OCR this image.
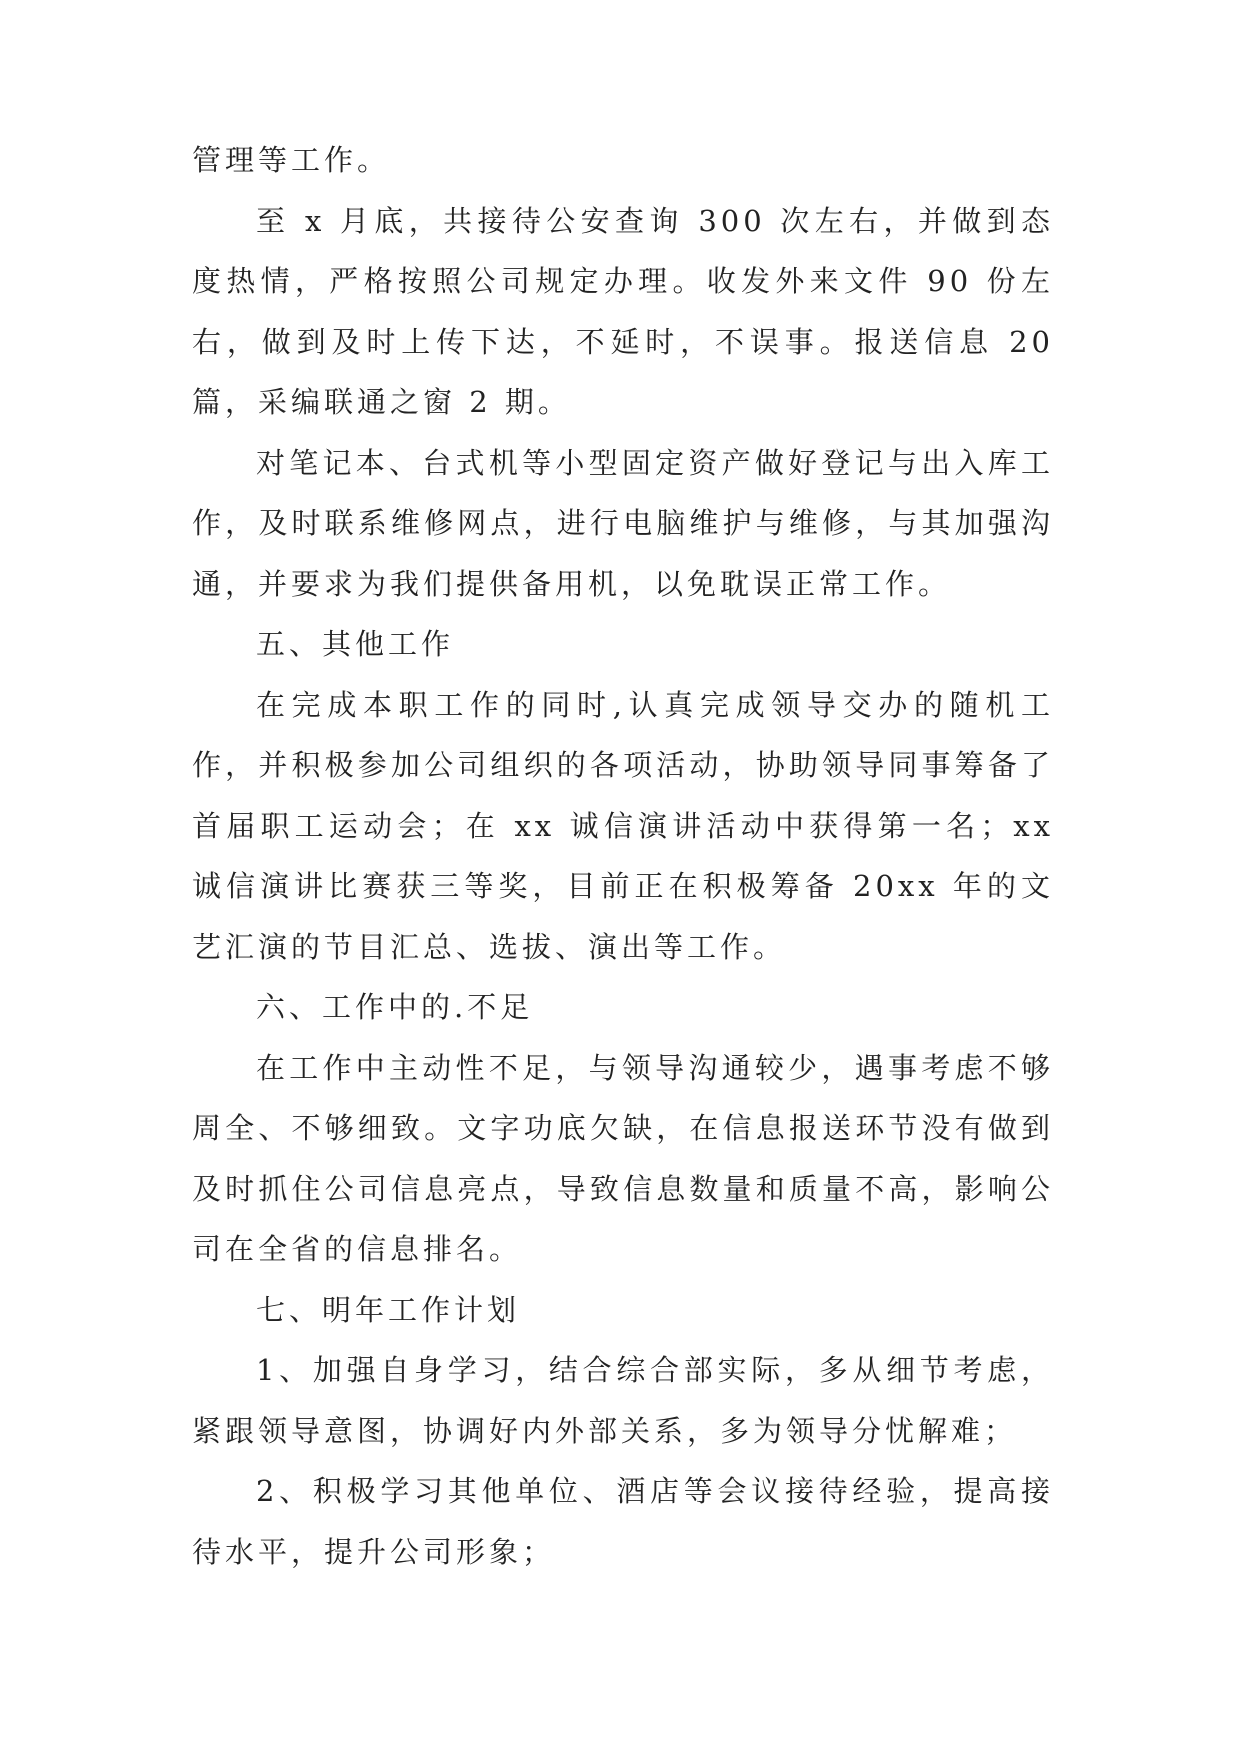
管理等工作。

至 x 月底，共接待公安查询 300 次左右，并做到态度热情，严格按照公司规定办理。收发外来文件 90 份左右，做到及时上传下达，不延时，不误事。报送信息 20 篇，采编联通之窗 2 期。

对笔记本、台式机等小型固定资产做好登记与出入库工作，及时联系维修网点，进行电脑维护与维修，与其加强沟通，并要求为我们提供备用机，以免耽误正常工作。

五、其他工作

在完成本职工作的同时,认真完成领导交办的随机工作，并积极参加公司组织的各项活动，协助领导同事筹备了首届职工运动会；在 xx 诚信演讲活动中获得第一名；xx 诚信演讲比赛获三等奖，目前正在积极筹备 20xx 年的文艺汇演的节目汇总、选拔、演出等工作。

六、工作中的.不足

在工作中主动性不足，与领导沟通较少，遇事考虑不够周全、不够细致。文字功底欠缺，在信息报送环节没有做到及时抓住公司信息亮点，导致信息数量和质量不高，影响公司在全省的信息排名。

七、明年工作计划

1、加强自身学习，结合综合部实际，多从细节考虑，紧跟领导意图，协调好内外部关系，多为领导分忧解难；

2、积极学习其他单位、酒店等会议接待经验，提高接待水平，提升公司形象；
